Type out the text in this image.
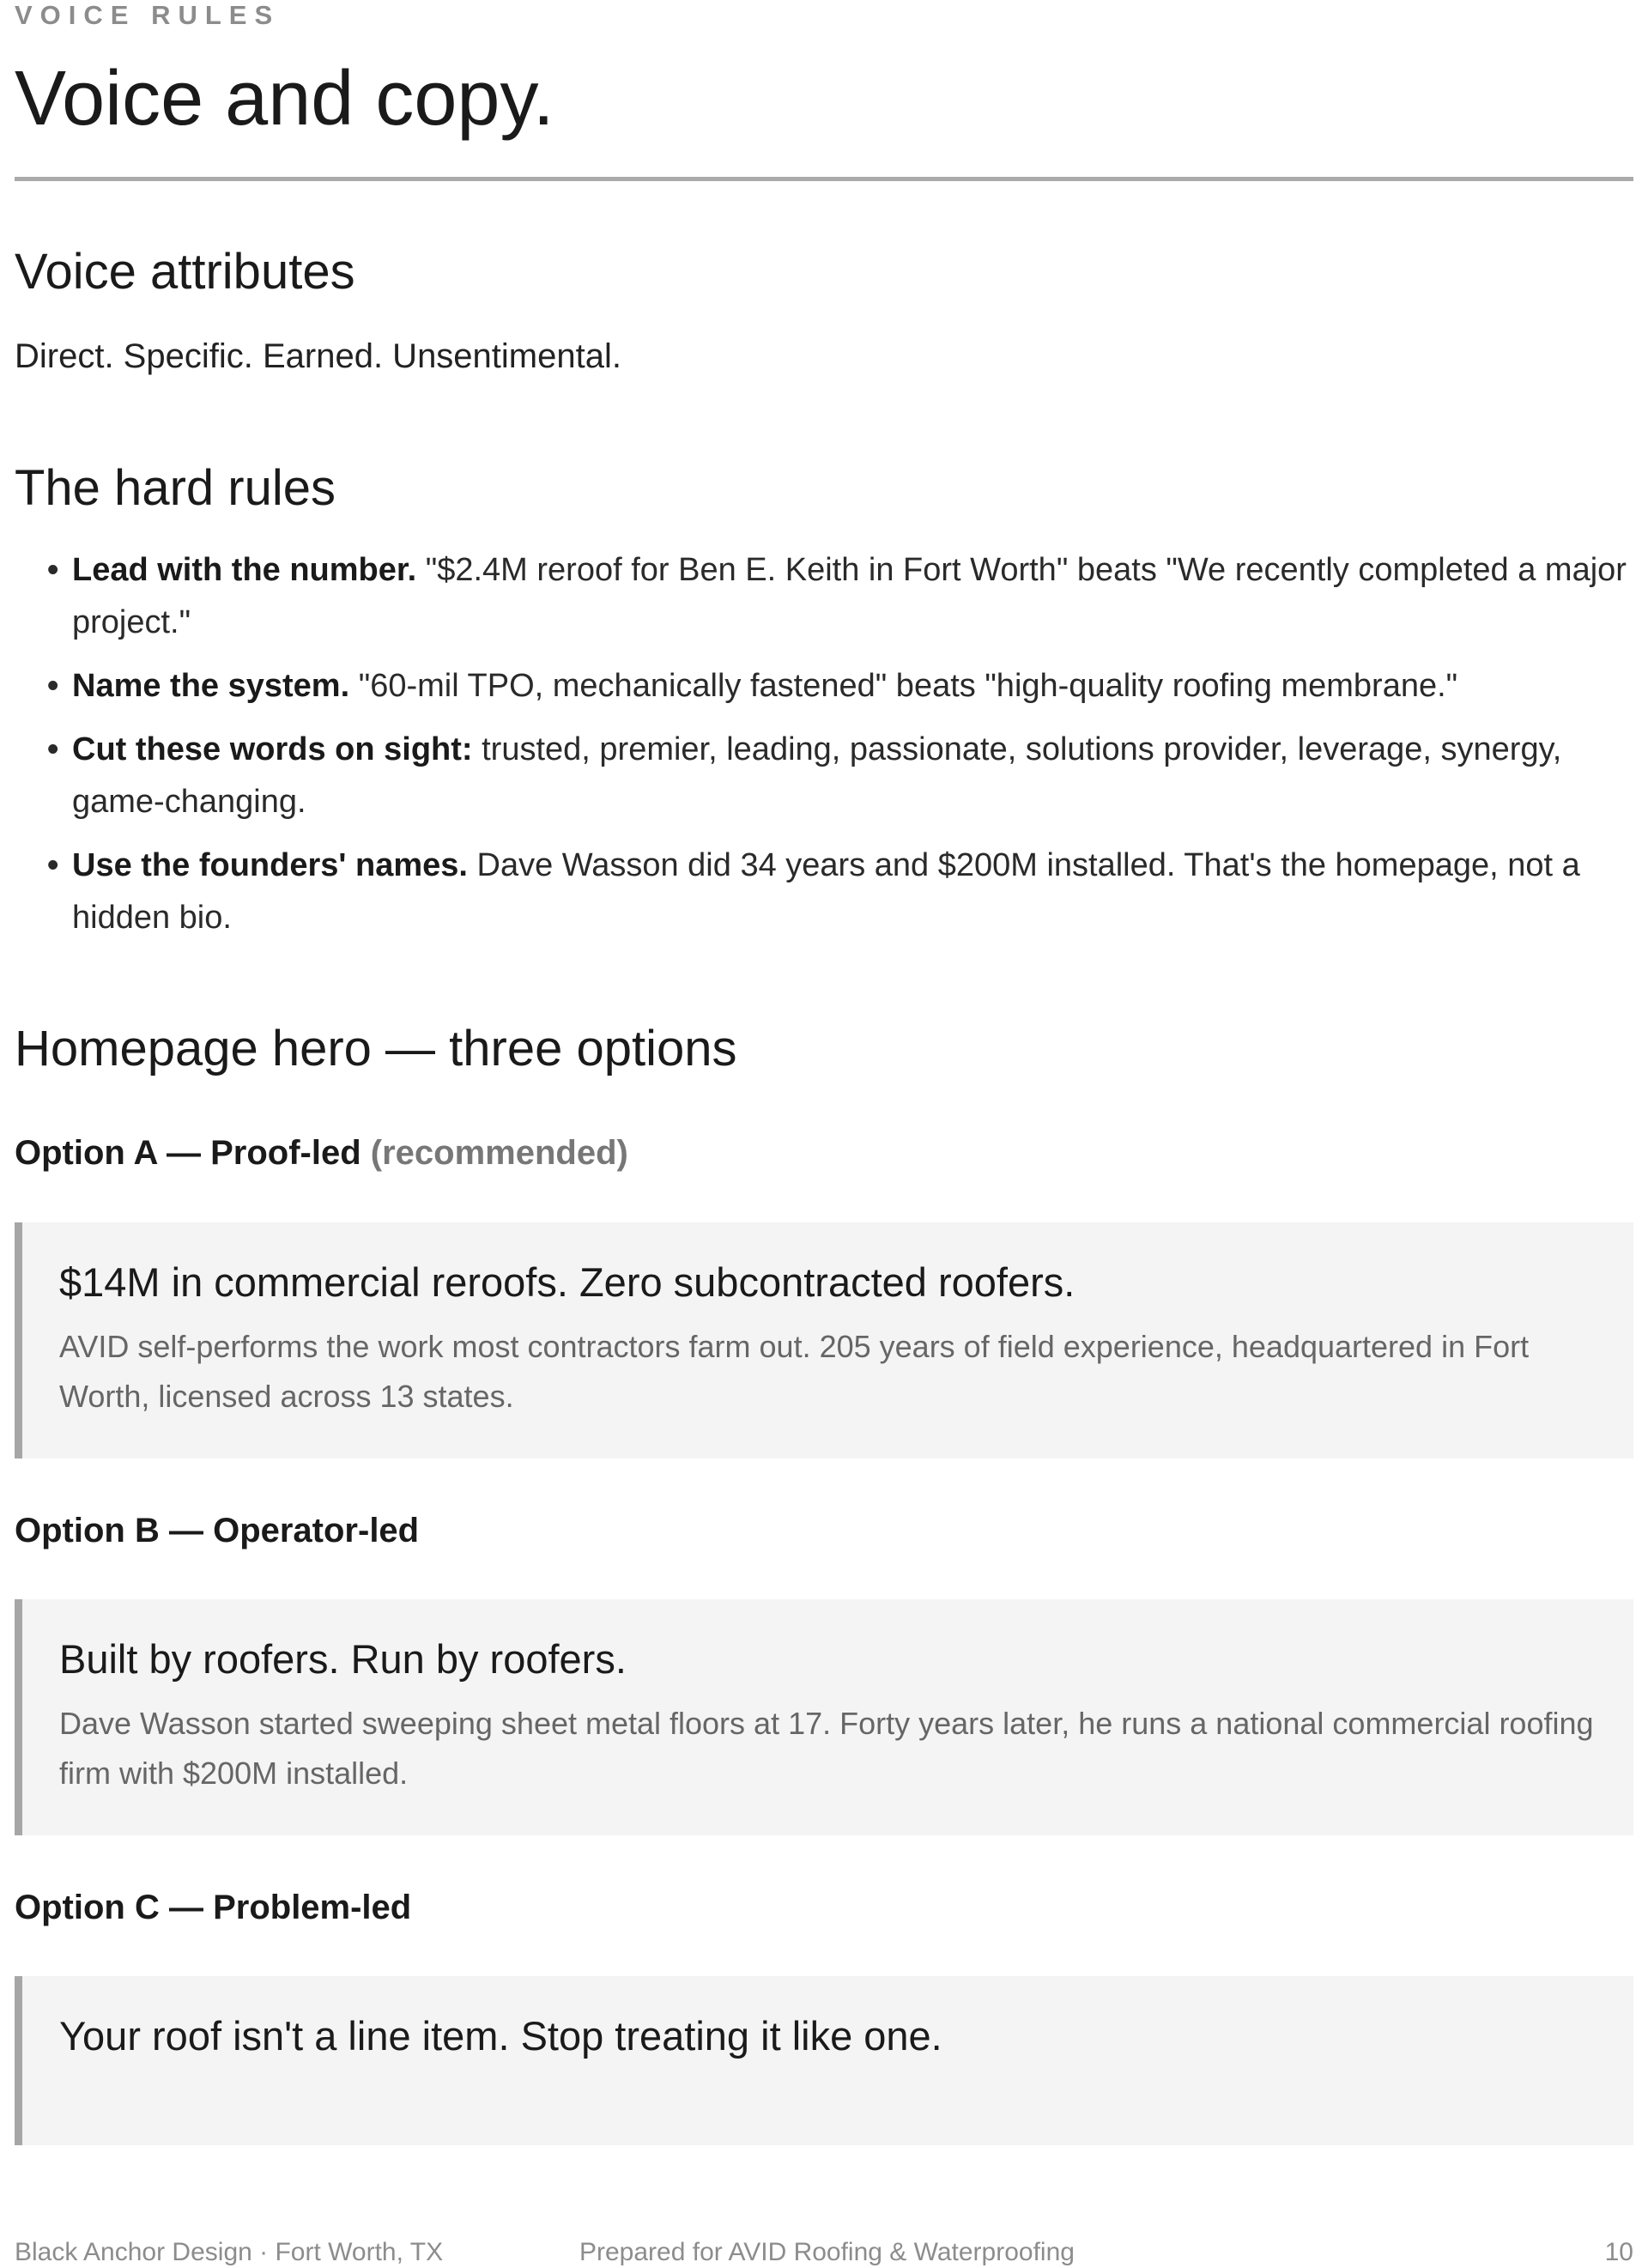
VOICE RULES
Voice and copy.
Voice attributes
Direct. Specific. Earned. Unsentimental.
The hard rules
• Lead with the number. "$2.4M reroof for Ben E. Keith in Fort Worth" beats "We recently completed a major project."
• Name the system. "60-mil TPO, mechanically fastened" beats "high-quality roofing membrane."
• Cut these words on sight: trusted, premier, leading, passionate, solutions provider, leverage, synergy, game-changing.
• Use the founders' names. Dave Wasson did 34 years and $200M installed. That's the homepage, not a hidden bio.
Homepage hero — three options
Option A — Proof-led (recommended)
$14M in commercial reroofs. Zero subcontracted roofers.
AVID self-performs the work most contractors farm out. 205 years of field experience, headquartered in Fort Worth, licensed across 13 states.
Option B — Operator-led
Built by roofers. Run by roofers.
Dave Wasson started sweeping sheet metal floors at 17. Forty years later, he runs a national commercial roofing firm with $200M installed.
Option C — Problem-led
Your roof isn't a line item. Stop treating it like one.
Black Anchor Design · Fort Worth, TX	Prepared for AVID Roofing & Waterproofing	10
